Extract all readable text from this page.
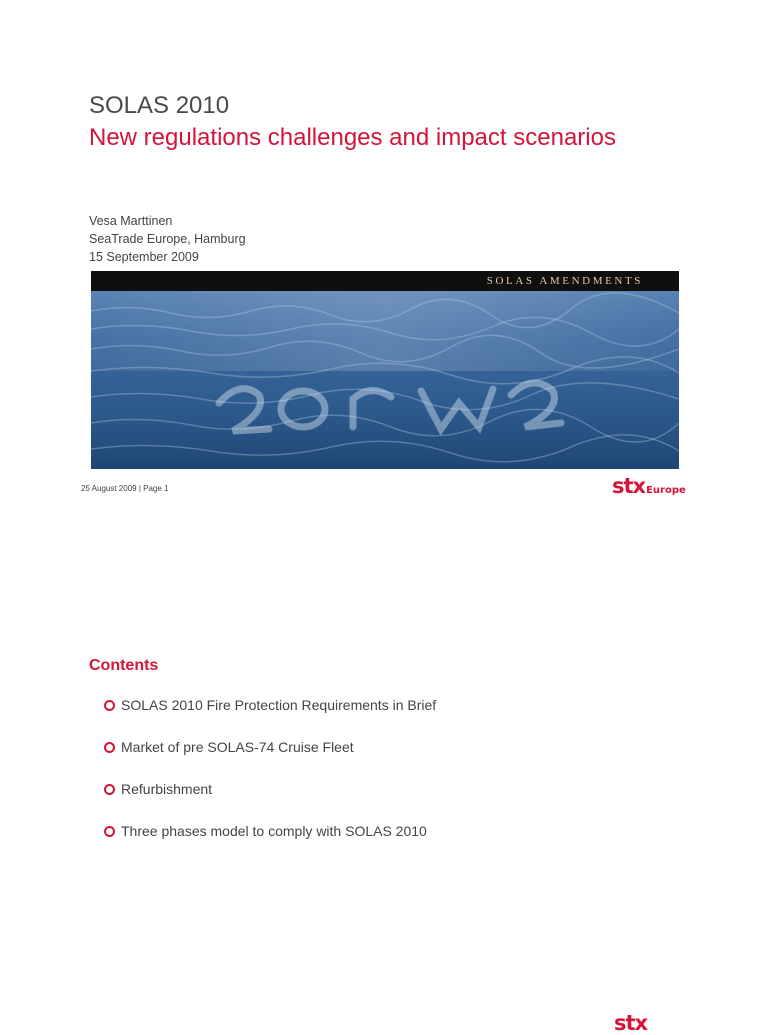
SOLAS 2010
New regulations challenges and impact scenarios
Vesa Marttinen
SeaTrade Europe, Hamburg
15 September 2009
SOLAS AMENDMENTS
25 August 2009 | Page 1	stxEurope
Contents
SOLAS 2010 Fire Protection Requirements in Brief
Market of pre SOLAS-74 Cruise Fleet
Refurbishment
Three phases model to comply with SOLAS 2010
stx
